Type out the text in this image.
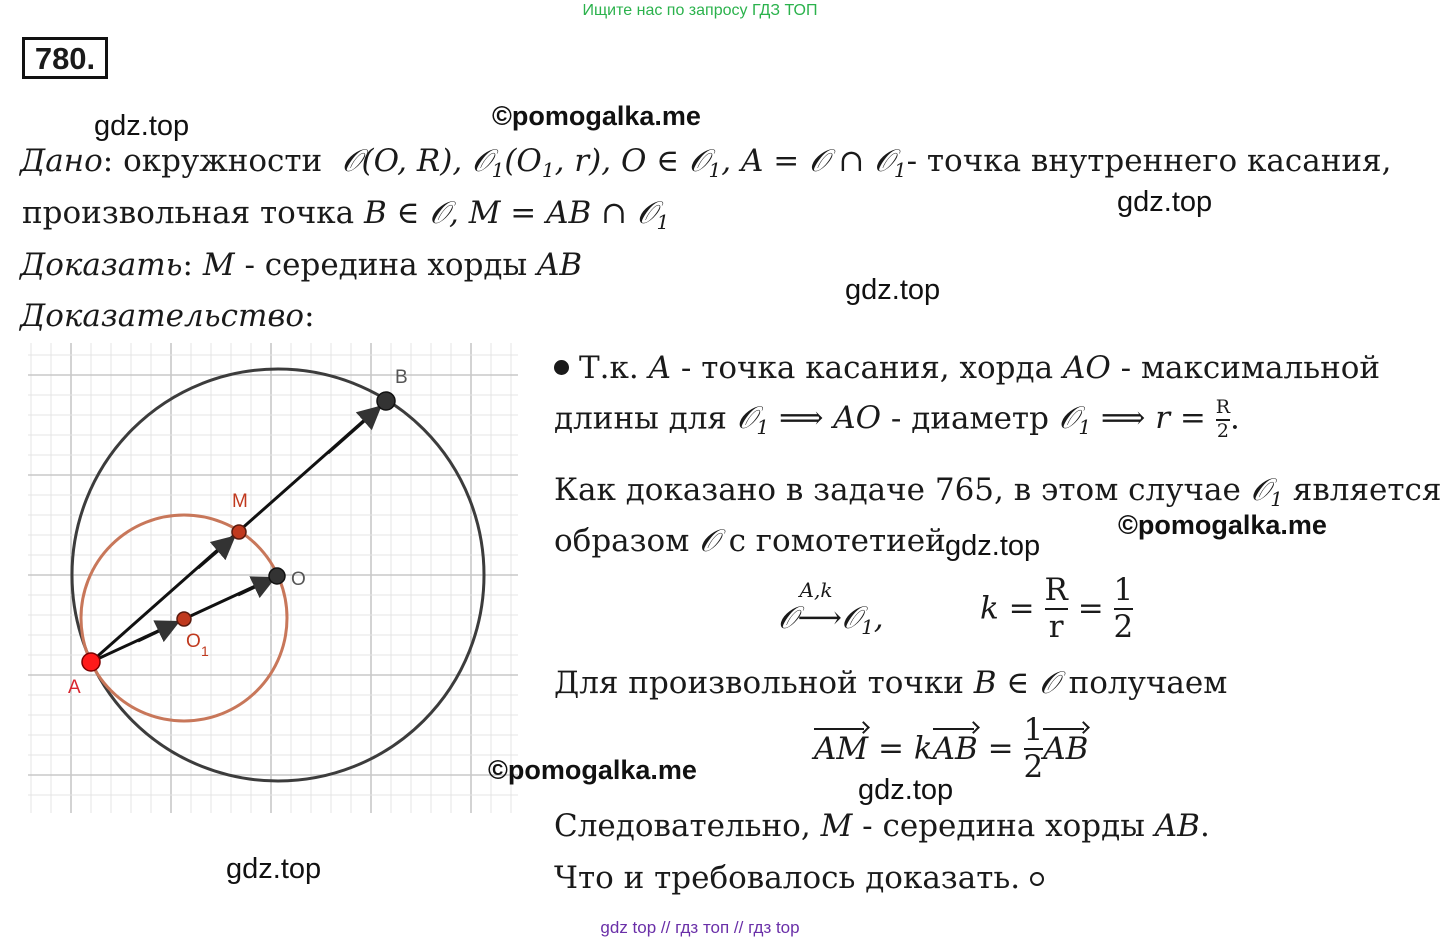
Ищите нас по запросу ГДЗ ТОП
780.
gdz.top	©pomogalka.me
Дано: окружности  𝒪(O, R), $𝒪_1(O_1$, r), O ∈ 𝒪$_1$, A = 𝒪 ∩ 𝒪$_1$- точка внутреннего касания,
gdz.top
произвольная точка B ∈ 𝒪, M = AB ∩ 𝒪$_1$
Доказать: M - середина хорды AB
gdz.top
Доказательство:
A
B
M
O
O 1
gdz.top
©pomogalka.me
Т.к. A - точка касания, хорда AO - максимальной
длины для 𝒪$_1$ ⟹ AO - диаметр 𝒪$_1$ ⟹ $r = \frac{R}{2}$ .
Как доказано в задаче 765, в этом случае 𝒪$_1$ является
©pomogalka.me
образом 𝒪 с гомотетией gdz.top
𝒪
A,k
⟶𝒪$_1$,	$k = \frac{R}{r} = \frac{1}{2}$
Для произвольной точки B ∈ 𝒪 получаем
AM = kAB = $\frac{1}{2}$ AB
gdz.top
Следовательно, M - середина хорды AB.
Что и требовалось доказать.
gdz top // гдз топ // гдз top
